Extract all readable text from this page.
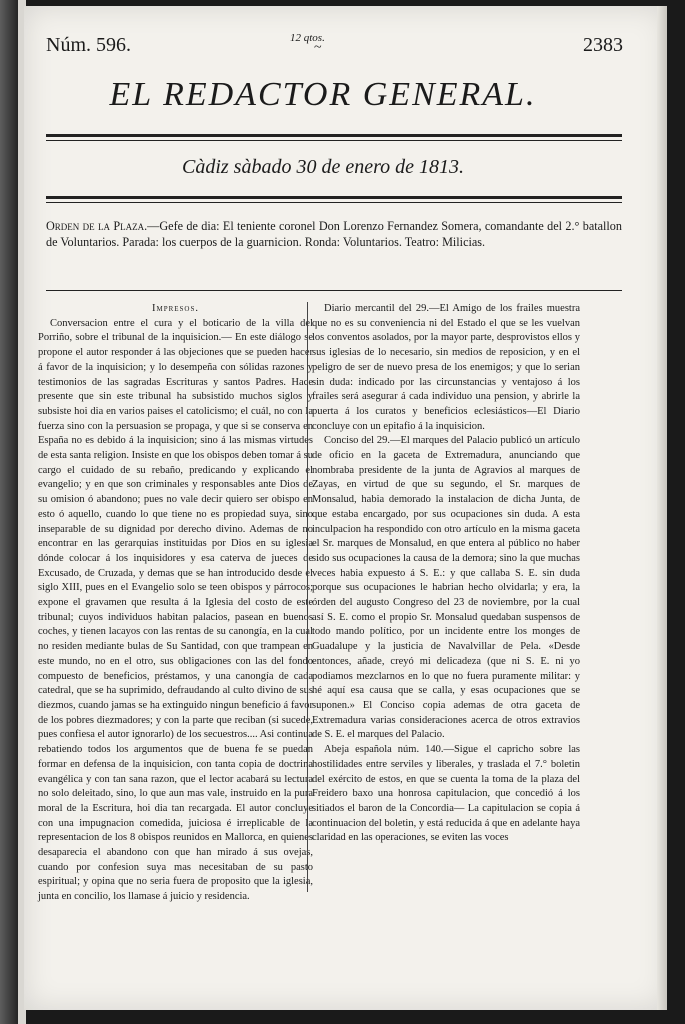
Núm. 596.	12 qtos.
~	2383
EL REDACTOR GENERAL.
Càdiz sàbado 30 de enero de 1813.
Orden de la Plaza.—Gefe de dia: El teniente coronel Don Lorenzo Fernandez Somera, comandante del 2.° batallon de Voluntarios. Parada: los cuerpos de la guarnicion. Ronda: Voluntarios. Teatro: Milicias.

Impresos.

Conversacion entre el cura y el boticario de la villa del Porriño, sobre el tribunal de la inquisicion.— En este diálogo se propone el autor responder á las objeciones que se pueden hacer á favor de la inquisicion; y lo desempeña con sólidas razones y testimonios de las sagradas Escrituras y santos Padres. Hace presente que sin este tribunal ha subsistido muchos siglos y subsiste hoi dia en varios paises el catolicismo; el cuál, no con la fuerza sino con la persuasion se propaga, y que si se conserva en España no es debido á la inquisicion; sino á las mismas virtudes de esta santa religion. Insiste en que los obispos deben tomar á su cargo el cuidado de su rebaño, predicando y explicando el evangelio; y en que son criminales y responsables ante Dios de su omision ó abandono; pues no vale decir quiero ser obispo en esto ó aquello, cuando lo que tiene no es propiedad suya, sino inseparable de su dignidad por derecho divino. Ademas de no encontrar en las gerarquias instituidas por Dios en su iglesia dónde colocar á los inquisidores y esa caterva de jueces de Excusado, de Cruzada, y demas que se han introducido desde el siglo XIII, pues en el Evangelio solo se teen obispos y párrocos; expone el gravamen que resulta á la Iglesia del costo de este tribunal; cuyos individuos habitan palacios, pasean en buenos coches, y tienen lacayos con las rentas de su canongía, en la cual no residen mediante bulas de Su Santidad, con que trampean en este mundo, no en el otro, sus obligaciones con las del fondo compuesto de beneficios, préstamos, y una canongía de cada catedral, que se ha suprimido, defraudando al culto divino de sus diezmos, cuando jamas se ha extinguido ningun beneficio á favor de los pobres diezmadores; y con la parte que reciban (si sucede, pues confiesa el autor ignorarlo) de los secuestros.... Asi continua rebatiendo todos los argumentos que de buena fe se puedan formar en defensa de la inquisicion, con tanta copia de doctrina evangélica y con tan sana razon, que el lector acabará su lectura no solo deleitado, sino, lo que aun mas vale, instruido en la pura moral de la Escritura, hoi dia tan recargada. El autor concluye con una impugnacion comedida, juiciosa é irreplicable de la representacion de los 8 obispos reunidos en Mallorca, en quienes desaparecia el abandono con que han mirado á sus ovejas, cuando por confesion suya mas necesitaban de su pasto espiritual; y opina que no seria fuera de proposito que la iglesia, junta en concilio, los llamase á juicio y residencia.

Diario mercantil del 29.—El Amigo de los frailes muestra que no es su conveniencia ni del Estado el que se les vuelvan los conventos asolados, por la mayor parte, desprovistos ellos y sus iglesias de lo necesario, sin medios de reposicion, y en el peligro de ser de nuevo presa de los enemigos; y que lo serian sin duda: indicado por las circunstancias y ventajoso á los frailes será asegurar á cada individuo una pension, y abrirle la puerta á los curatos y beneficios eclesiásticos—El Diario concluye con un epitafio á la inquisicion.

Conciso del 29.—El marques del Palacio publicó un artículo de oficio en la gaceta de Extremadura, anunciando que nombraba presidente de la junta de Agravios al marques de Zayas, en virtud de que su segundo, el Sr. marques de Monsalud, habia demorado la instalacion de dicha Junta, de que estaba encargado, por sus ocupaciones sin duda. A esta inculpacion ha respondido con otro artículo en la misma gaceta el Sr. marques de Monsalud, en que entera al público no haber sido sus ocupaciones la causa de la demora; sino la que muchas veces habia expuesto á S. E.: y que callaba S. E. sin duda porque sus ocupaciones le habrian hecho olvidarla; y era, la órden del augusto Congreso del 23 de noviembre, por la cual así S. E. como el propio Sr. Monsalud quedaban suspensos de todo mando político, por un incidente entre los monges de Guadalupe y la justicia de Navalvillar de Pela. «Desde entonces, añade, creyó mi delicadeza (que ni S. E. ni yo podiamos mezclarnos en lo que no fuera puramente militar: y hé aquí esa causa que se calla, y esas ocupaciones que se suponen.» El Conciso copia ademas de otra gaceta de Extremadura varias consideraciones acerca de otros extravios de S. E. el marques del Palacio.

Abeja española núm. 140.—Sigue el capricho sobre las hostilidades entre serviles y liberales, y traslada el 7.° boletin del exército de estos, en que se cuenta la toma de la plaza del Freidero baxo una honrosa capitulacion, que concedió á los sitiados el baron de la Concordia— La capitulacion se copia á continuacion del boletin, y está reducida á que en adelante haya claridad en las operaciones, se eviten las voces
